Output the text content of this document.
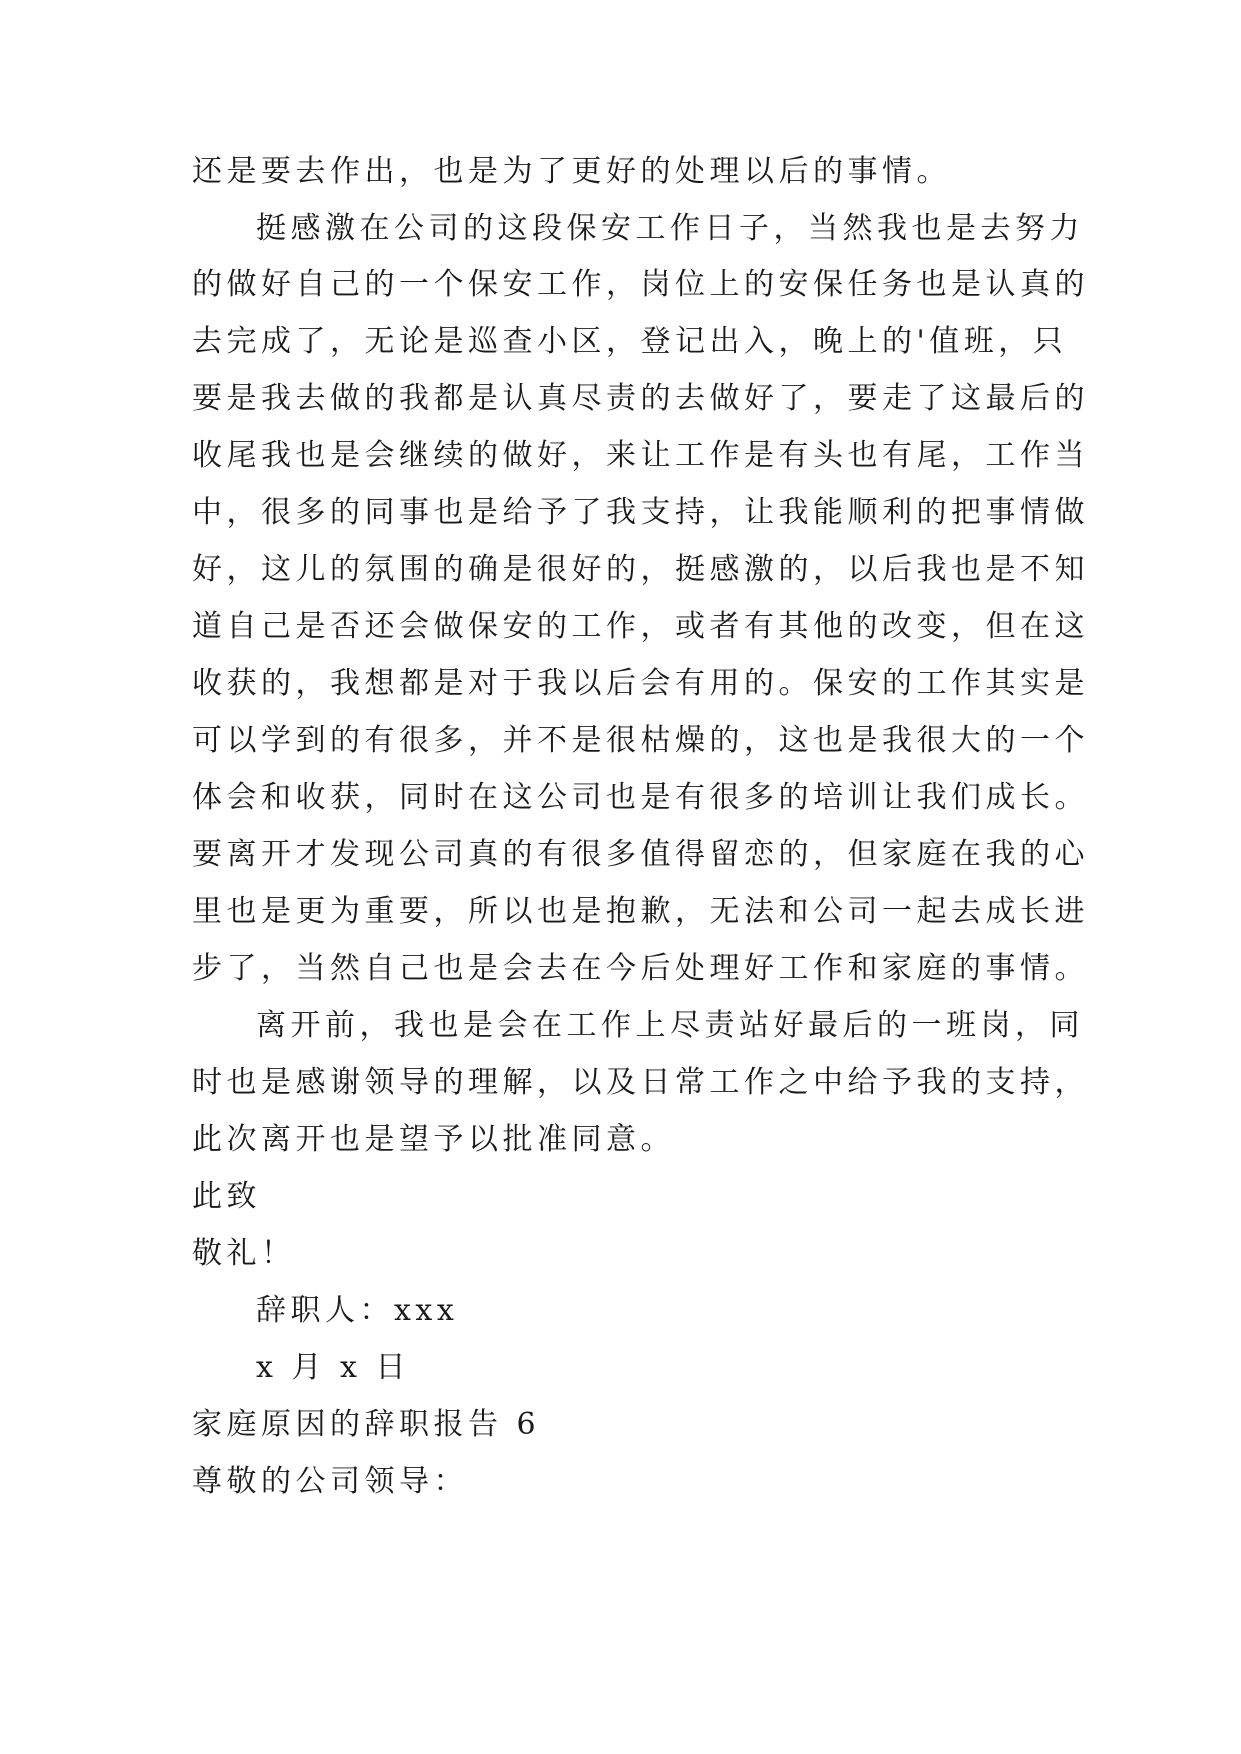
还是要去作出，也是为了更好的处理以后的事情。
挺感激在公司的这段保安工作日子，当然我也是去努力
的做好自己的一个保安工作，岗位上的安保任务也是认真的
去完成了，无论是巡查小区，登记出入，晚上的'值班，只
要是我去做的我都是认真尽责的去做好了，要走了这最后的
收尾我也是会继续的做好，来让工作是有头也有尾，工作当
中，很多的同事也是给予了我支持，让我能顺利的把事情做
好，这儿的氛围的确是很好的，挺感激的，以后我也是不知
道自己是否还会做保安的工作，或者有其他的改变，但在这
收获的，我想都是对于我以后会有用的。保安的工作其实是
可以学到的有很多，并不是很枯燥的，这也是我很大的一个
体会和收获，同时在这公司也是有很多的培训让我们成长。
要离开才发现公司真的有很多值得留恋的，但家庭在我的心
里也是更为重要，所以也是抱歉，无法和公司一起去成长进
步了，当然自己也是会去在今后处理好工作和家庭的事情。
离开前，我也是会在工作上尽责站好最后的一班岗，同
时也是感谢领导的理解，以及日常工作之中给予我的支持，
此次离开也是望予以批准同意。
此致
敬礼！
辞职人：xxx
x 月 x 日
家庭原因的辞职报告 6
尊敬的公司领导：
